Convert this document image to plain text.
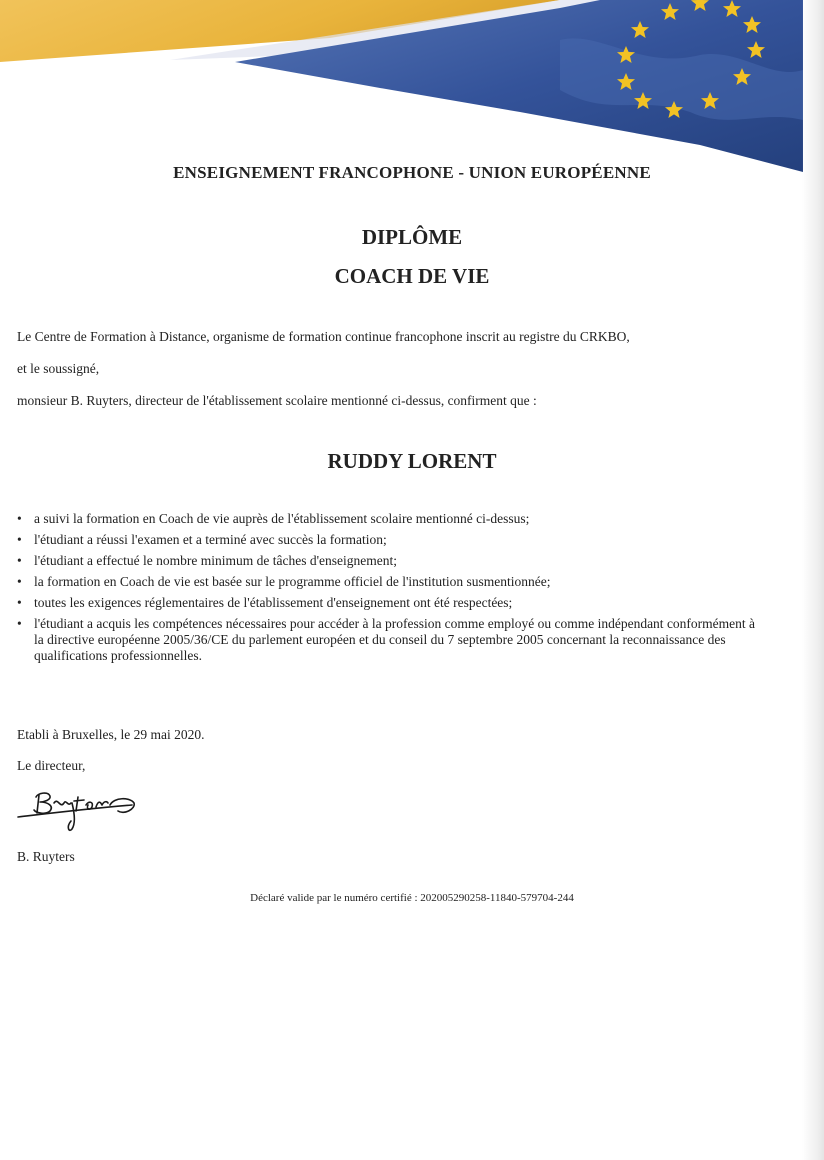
ENSEIGNEMENT FRANCOPHONE - UNION EUROPÉENNE
DIPLÔME
COACH DE VIE
Le Centre de Formation à Distance, organisme de formation continue francophone inscrit au registre du CRKBO,
et le soussigné,
monsieur B. Ruyters, directeur de l'établissement scolaire mentionné ci-dessus, confirment que :
RUDDY LORENT
• a suivi la formation en Coach de vie auprès de l'établissement scolaire mentionné ci-dessus;
• l'étudiant a réussi l'examen et a terminé avec succès la formation;
• l'étudiant a effectué le nombre minimum de tâches d'enseignement;
• la formation en Coach de vie est basée sur le programme officiel de l'institution susmentionnée;
• toutes les exigences réglementaires de l'établissement d'enseignement ont été respectées;
• l'étudiant a acquis les compétences nécessaires pour accéder à la profession comme employé ou comme indépendant conformément à la directive européenne 2005/36/CE du parlement européen et du conseil du 7 septembre 2005 concernant la reconnaissance des qualifications professionnelles.
Etabli à Bruxelles, le 29 mai 2020.
Le directeur,
B. Ruyters
Déclaré valide par le numéro certifié : 202005290258-11840-579704-244
